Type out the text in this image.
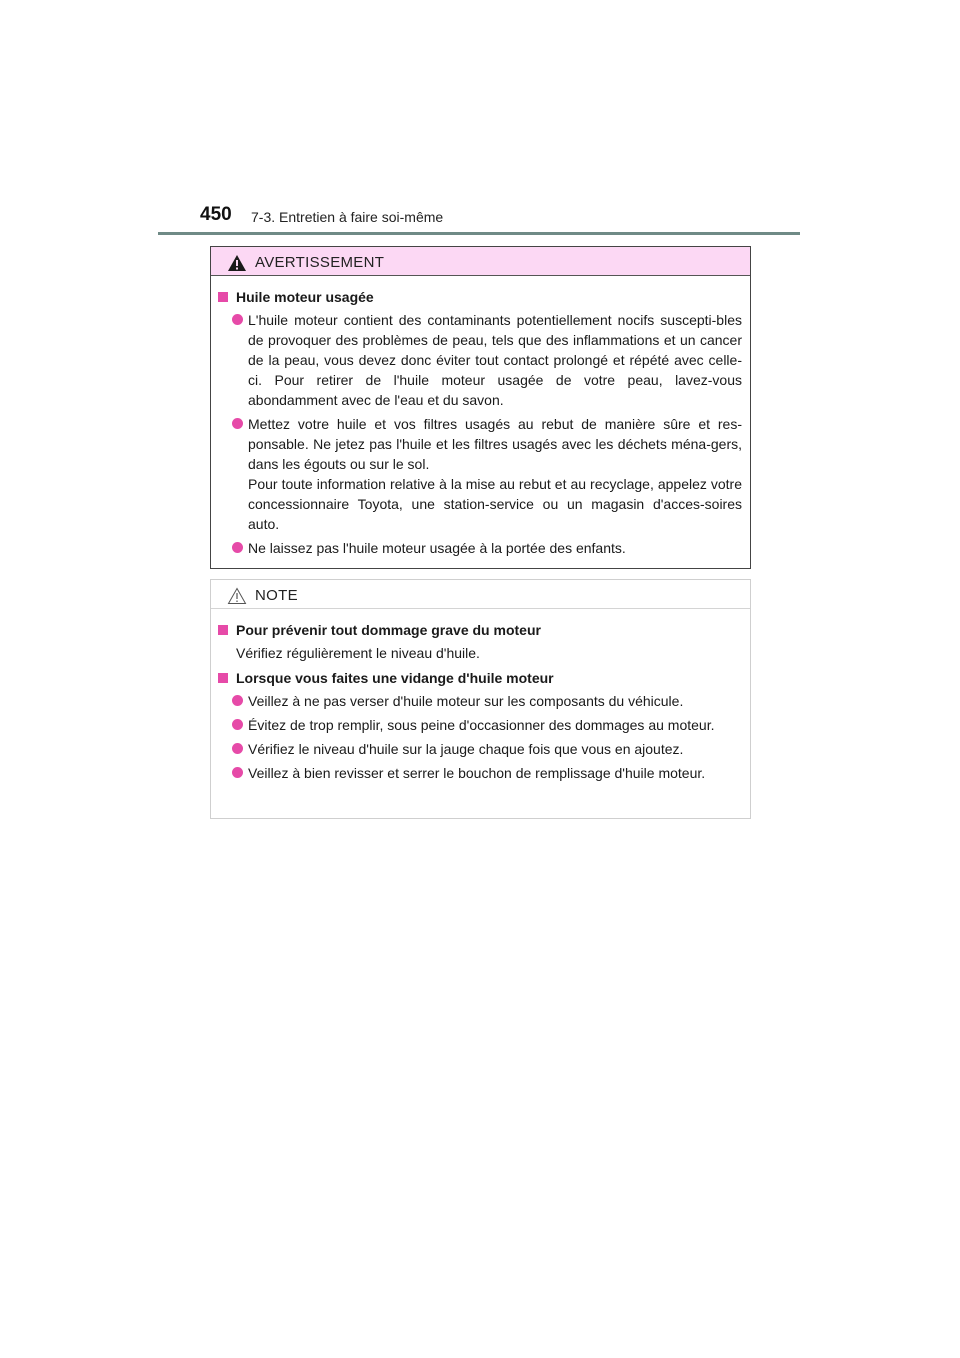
450 7-3. Entretien à faire soi-même
AVERTISSEMENT
Huile moteur usagée
L'huile moteur contient des contaminants potentiellement nocifs suscepti-bles de provoquer des problèmes de peau, tels que des inflammations et un cancer de la peau, vous devez donc éviter tout contact prolongé et répété avec celle-ci. Pour retirer de l'huile moteur usagée de votre peau, lavez-vous abondamment avec de l'eau et du savon.
Mettez votre huile et vos filtres usagés au rebut de manière sûre et res-ponsable. Ne jetez pas l'huile et les filtres usagés avec les déchets ména-gers, dans les égouts ou sur le sol.
Pour toute information relative à la mise au rebut et au recyclage, appelez votre concessionnaire Toyota, une station-service ou un magasin d'acces-soires auto.
Ne laissez pas l'huile moteur usagée à la portée des enfants.
NOTE
Pour prévenir tout dommage grave du moteur
Vérifiez régulièrement le niveau d'huile.
Lorsque vous faites une vidange d'huile moteur
Veillez à ne pas verser d'huile moteur sur les composants du véhicule.
Évitez de trop remplir, sous peine d'occasionner des dommages au moteur.
Vérifiez le niveau d'huile sur la jauge chaque fois que vous en ajoutez.
Veillez à bien revisser et serrer le bouchon de remplissage d'huile moteur.
